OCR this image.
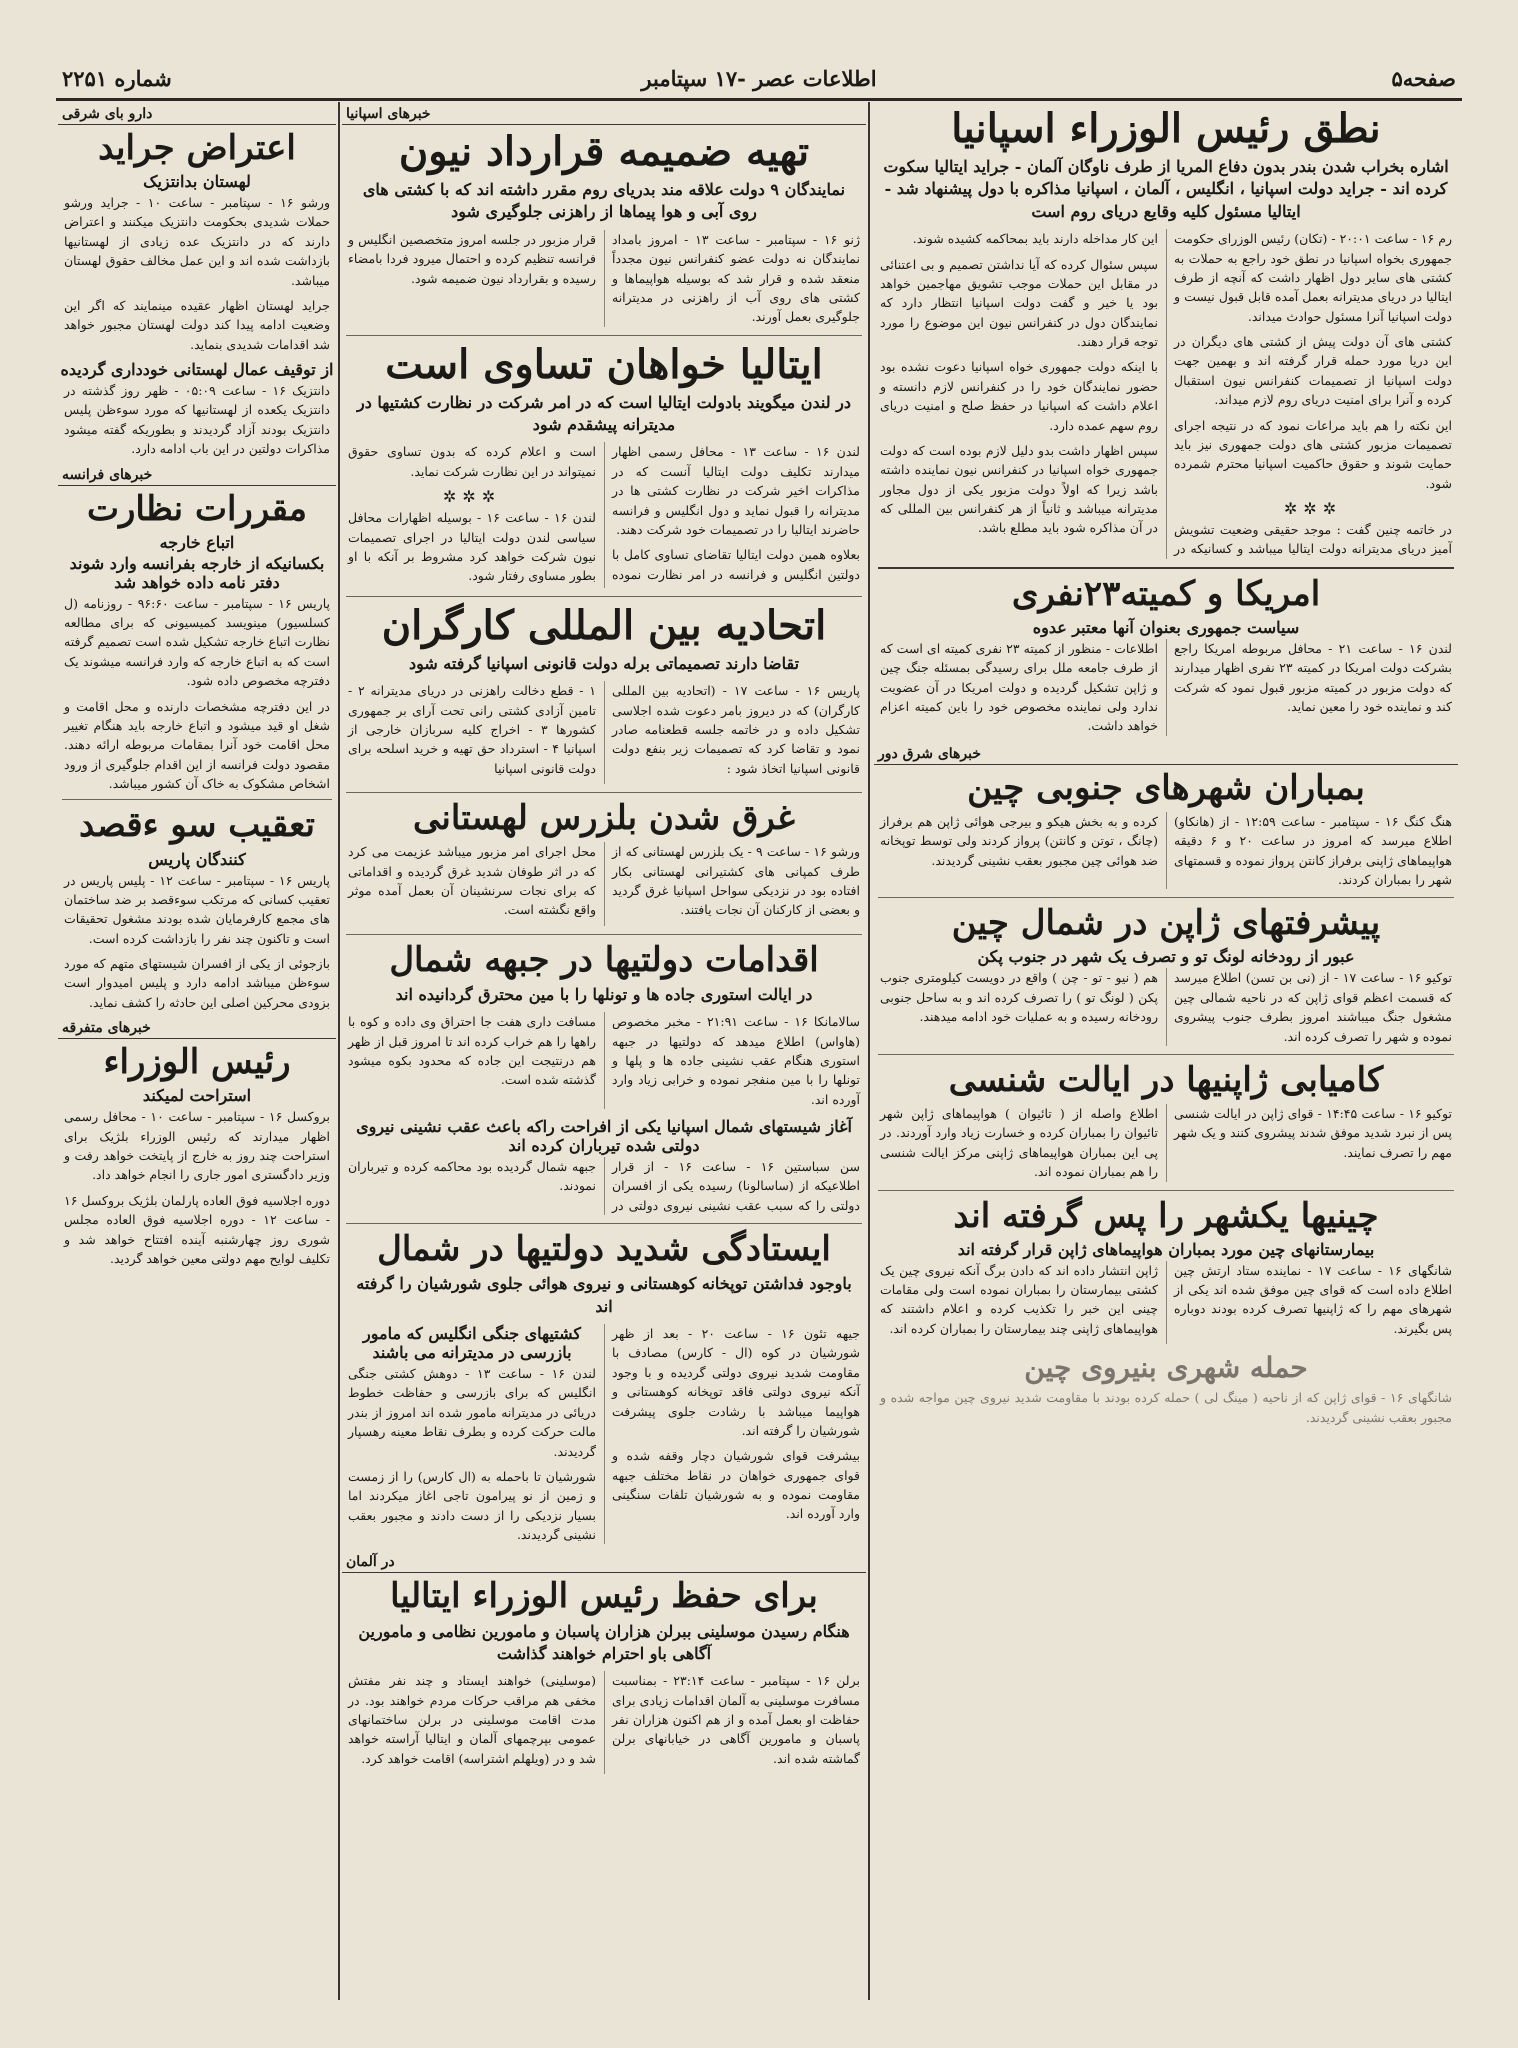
صفحه۵
اطلاعات عصر -۱۷ سپتامبر
شماره ۲۲۵۱
نطق رئیس الوزراء اسپانیا
اشاره بخراب شدن بندر بدون دفاع المریا از طرف ناوگان آلمان - جراید ایتالیا سکوت کرده اند - جراید دولت اسپانیا ، انگلیس ، آلمان ، اسپانیا مذاکره با دول پیشنهاد شد - ایتالیا مسئول کلیه وقایع دریای روم است

رم ۱۶ - ساعت ۲۰:۰۱ - (تکان) رئیس الوزرای حکومت جمهوری بخواه اسپانیا در نطق خود راجع به حملات به کشتی های سایر دول اظهار داشت که آنچه از طرف ایتالیا در دریای مدیترانه بعمل آمده قابل قبول نیست و دولت اسپانیا آنرا مسئول حوادث میداند.

کشتی های آن دولت پیش از کشتی های دیگران در این دریا مورد حمله قرار گرفته اند و بهمین جهت دولت اسپانیا از تصمیمات کنفرانس نیون استقبال کرده و آنرا برای امنیت دریای روم لازم میداند.

این نکته را هم باید مراعات نمود که در نتیجه اجرای تصمیمات مزبور کشتی های دولت جمهوری نیز باید حمایت شوند و حقوق حاکمیت اسپانیا محترم شمرده شود.

✲✲✲

در خاتمه چنین گفت : موجد حقیقی وضعیت تشویش آمیز دریای مدیترانه دولت ایتالیا میباشد و کسانیکه در این کار مداخله دارند باید بمحاکمه کشیده شوند.

سپس سئوال کرده که آیا نداشتن تصمیم و بی اعتنائی در مقابل این حملات موجب تشویق مهاجمین خواهد بود یا خیر و گفت دولت اسپانیا انتظار دارد که نمایندگان دول در کنفرانس نیون این موضوع را مورد توجه قرار دهند.

با اینکه دولت جمهوری خواه اسپانیا دعوت نشده بود حضور نمایندگان خود را در کنفرانس لازم دانسته و اعلام داشت که اسپانیا در حفظ صلح و امنیت دریای روم سهم عمده دارد.

سپس اظهار داشت بدو دلیل لازم بوده است که دولت جمهوری خواه اسپانیا در کنفرانس نیون نماینده داشته باشد زیرا که اولاً دولت مزبور یکی از دول مجاور مدیترانه میباشد و ثانیاً از هر کنفرانس بین المللی که در آن مذاکره شود باید مطلع باشد.

امریکا و کمیته۲۳نفری
سیاست جمهوری بعنوان آنها معتبر عدوه

لندن ۱۶ - ساعت ۲۱ - محافل مربوطه امریکا راجع بشرکت دولت امریکا در کمیته ۲۳ نفری اظهار میدارند که دولت مزبور در کمیته مزبور قبول نمود که شرکت کند و نماینده خود را معین نماید.

اطلاعات - منظور از کمیته ۲۳ نفری کمیته ای است که از طرف جامعه ملل برای رسیدگی بمسئله جنگ چین و ژاپن تشکیل گردیده و دولت امریکا در آن عضویت ندارد ولی نماینده مخصوص خود را باین کمیته اعزام خواهد داشت.

خبرهای شرق دور
بمباران شهرهای جنوبی چین

هنگ کنگ ۱۶ - سپتامبر - ساعت ۱۲:۵۹ - از (هانکاو) اطلاع میرسد که امروز در ساعت ۲۰ و ۶ دقیقه هواپیماهای ژاپنی برفراز کانتن پرواز نموده و قسمتهای شهر را بمباران کردند.

کرده و به بخش هیکو و بیرجی هوائی ژاپن هم برفراز (چانگ ، توتن و کانتن) پرواز کردند ولی توسط توپخانه ضد هوائی چین مجبور بعقب نشینی گردیدند.

پیشرفتهای ژاپن در شمال چین
عبور از رودخانه لونگ تو و تصرف یک شهر در جنوب پکن

توکیو ۱۶ - ساعت ۱۷ - از (نی بن تسن) اطلاع میرسد که قسمت اعظم قوای ژاپن که در ناحیه شمالی چین مشغول جنگ میباشند امروز بطرف جنوب پیشروی نموده و شهر را تصرف کرده اند.

هم ( نیو - تو - چن ) واقع در دویست کیلومتری جنوب پکن ( لونگ تو ) را تصرف کرده اند و به ساحل جنوبی رودخانه رسیده و به عملیات خود ادامه میدهند.

کامیابی ژاپنیها در ایالت شنسی

توکیو ۱۶ - ساعت ۱۴:۴۵ - قوای ژاپن در ایالت شنسی پس از نبرد شدید موفق شدند پیشروی کنند و یک شهر مهم را تصرف نمایند.

اطلاع واصله از ( تائیوان ) هواپیماهای ژاپن شهر تائیوان را بمباران کرده و خسارت زیاد وارد آوردند. در پی این بمباران هواپیماهای ژاپنی مرکز ایالت شنسی را هم بمباران نموده اند.

چینیها یکشهر را پس گرفته اند
بیمارستانهای چین مورد بمباران هواپیماهای ژاپن قرار گرفته اند

شانگهای ۱۶ - ساعت ۱۷ - نماینده ستاد ارتش چین اطلاع داده است که قوای چین موفق شده اند یکی از شهرهای مهم را که ژاپنیها تصرف کرده بودند دوباره پس بگیرند.

ژاپن انتشار داده اند که دادن برگ آنکه نیروی چین یک کشتی بیمارستان را بمباران نموده است ولی مقامات چینی این خبر را تکذیب کرده و اعلام داشتند که هواپیماهای ژاپنی چند بیمارستان را بمباران کرده اند.

حمله شهری بنیروی چین

شانگهای ۱۶ - قوای ژاپن که از ناحیه ( مینگ لی ) حمله کرده بودند با مقاومت شدید نیروی چین مواجه شده و مجبور بعقب نشینی گردیدند.

خبرهای اسپانیا
تهیه ضمیمه قرارداد نیون
نمایندگان ۹ دولت علاقه مند بدریای روم مقرر داشته اند که با کشتی های روی آبی و هوا پیماها از راهزنی جلوگیری شود

ژنو ۱۶ - سپتامبر - ساعت ۱۳ - امروز بامداد نمایندگان نه دولت عضو کنفرانس نیون مجدداً منعقد شده و قرار شد که بوسیله هواپیماها و کشتی های روی آب از راهزنی در مدیترانه جلوگیری بعمل آورند.

قرار مزبور در جلسه امروز متخصصین انگلیس و فرانسه تنظیم کرده و احتمال میرود فردا بامضاء رسیده و بقرارداد نیون ضمیمه شود.

ایتالیا خواهان تساوی است
در لندن میگویند بادولت ایتالیا است که در امر شرکت در نظارت کشتیها در مدیترانه پیشقدم شود

لندن ۱۶ - ساعت ۱۳ - محافل رسمی اظهار میدارند تکلیف دولت ایتالیا آنست که در مذاکرات اخیر شرکت در نظارت کشتی ها در مدیترانه را قبول نماید و دول انگلیس و فرانسه حاضرند ایتالیا را در تصمیمات خود شرکت دهند.

بعلاوه همین دولت ایتالیا تقاضای تساوی کامل با دولتین انگلیس و فرانسه در امر نظارت نموده است و اعلام کرده که بدون تساوی حقوق نمیتواند در این نظارت شرکت نماید.

✲✲✲

لندن ۱۶ - ساعت ۱۶ - بوسیله اظهارات محافل سیاسی لندن دولت ایتالیا در اجرای تصمیمات نیون شرکت خواهد کرد مشروط بر آنکه با او بطور مساوی رفتار شود.

اتحادیه بین المللی کارگران
تقاضا دارند تصمیماتی برله دولت قانونی اسپانیا گرفته شود

پاریس ۱۶ - ساعت ۱۷ - (اتحادیه بین المللی کارگران) که در دیروز بامر دعوت شده اجلاسی تشکیل داده و در خاتمه جلسه قطعنامه صادر نمود و تقاضا کرد که تصمیمات زیر بنفع دولت قانونی اسپانیا اتخاذ شود :

۱ - قطع دخالت راهزنی در دریای مدیترانه ۲ - تامین آزادی کشتی رانی تحت آرای بر جمهوری کشورها ۳ - اخراج کلیه سربازان خارجی از اسپانیا ۴ - استرداد حق تهیه و خرید اسلحه برای دولت قانونی اسپانیا

غرق شدن بلزرس لهستانی

ورشو ۱۶ - ساعت ۹ - یک بلزرس لهستانی که از طرف کمپانی های کشتیرانی لهستانی بکار افتاده بود در نزدیکی سواحل اسپانیا غرق گردید و بعضی از کارکنان آن نجات یافتند.

محل اجرای امر مزبور میباشد عزیمت می کرد که در اثر طوفان شدید غرق گردیده و اقداماتی که برای نجات سرنشینان آن بعمل آمده موثر واقع نگشته است.

اقدامات دولتیها در جبهه شمال
در ایالت استوری جاده ها و تونلها را با مین محترق گردانیده اند

سالامانکا ۱۶ - ساعت ۲۱:۹۱ - مخبر مخصوص (هاواس) اطلاع میدهد که دولتیها در جبهه استوری هنگام عقب نشینی جاده ها و پلها و تونلها را با مین منفجر نموده و خرابی زیاد وارد آورده اند.

مسافت داری هفت جا احتراق وی داده و کوه با راهها را هم خراب کرده اند تا امروز قبل از ظهر هم درنتیجت این جاده که محدود بکوه میشود گذشته شده است.

آغاز شیستهای شمال اسپانیا یکی از افراحت راکه باعث عقب نشینی نیروی دولتی شده تیرباران کرده اند

سن سباستین ۱۶ - ساعت ۱۶ - از قرار اطلاعیکه از (ساسالونا) رسیده یکی از افسران دولتی را که سبب عقب نشینی نیروی دولتی در جبهه شمال گردیده بود محاکمه کرده و تیرباران نمودند.

ایستادگی شدید دولتیها در شمال
باوجود فداشتن توپخانه کوهستانی و نیروی هوائی جلوی شورشیان را گرفته اند

جیهه تئون ۱۶ - ساعت ۲۰ - بعد از ظهر شورشیان در کوه (ال - کارس) مصادف با مقاومت شدید نیروی دولتی گردیده و با وجود آنکه نیروی دولتی فاقد توپخانه کوهستانی و هواپیما میباشد با رشادت جلوی پیشرفت شورشیان را گرفته اند.

بیشرفت قوای شورشیان دچار وقفه شده و قوای جمهوری خواهان در نقاط مختلف جبهه مقاومت نموده و به شورشیان تلفات سنگینی وارد آورده اند.

کشتیهای جنگی انگلیس که مامور بازرسی در مدیترانه می باشند

لندن ۱۶ - ساعت ۱۳ - دوهش کشتی جنگی انگلیس که برای بازرسی و حفاظت خطوط دریائی در مدیترانه مامور شده اند امروز از بندر مالت حرکت کرده و بطرف نقاط معینه رهسپار گردیدند.

شورشیان تا باحمله به (ال کارس) را از زمست و زمین از نو پیرامون تاجی اغاز میکردند اما بسیار نزدیکی را از دست دادند و مجبور بعقب نشینی گردیدند.

در آلمان
برای حفظ رئیس الوزراء ایتالیا
هنگام رسیدن موسلینی ببرلن هزاران پاسبان و مامورین نظامی و مامورین آگاهی باو احترام خواهند گذاشت

برلن ۱۶ - سپتامبر - ساعت ۲۳:۱۴ - بمناسبت مسافرت موسلینی به آلمان اقدامات زیادی برای حفاظت او بعمل آمده و از هم اکنون هزاران نفر پاسبان و مامورین آگاهی در خیابانهای برلن گماشته شده اند.

(موسلینی) خواهند ایستاد و چند نفر مفتش مخفی هم مراقب حرکات مردم خواهند بود. در مدت اقامت موسلینی در برلن ساختمانهای عمومی بپرچمهای آلمان و ایتالیا آراسته خواهد شد و در (ویلهلم اشتراسه) اقامت خواهد کرد.

دارو بای شرقی
اعتراض جراید
لهستان بدانتزیک

ورشو ۱۶ - سپتامبر - ساعت ۱۰ - جراید ورشو حملات شدیدی بحکومت دانتزیک میکنند و اعتراض دارند که در دانتزیک عده زیادی از لهستانیها بازداشت شده اند و این عمل مخالف حقوق لهستان میباشد.

جراید لهستان اظهار عقیده مینمایند که اگر این وضعیت ادامه پیدا کند دولت لهستان مجبور خواهد شد اقدامات شدیدی بنماید.

از توقیف عمال لهستانی خودداری گردیده

دانتزیک ۱۶ - ساعت ۰۵:۰۹ - ظهر روز گذشته در دانتزیک یکعده از لهستانیها که مورد سوءظن پلیس دانتزیک بودند آزاد گردیدند و بطوریکه گفته میشود مذاکرات دولتین در این باب ادامه دارد.

خبرهای فرانسه
مقررات نظارت
اتباع خارجه
بکسانیکه از خارجه بفرانسه وارد شوند دفتر نامه داده خواهد شد

پاریس ۱۶ - سپتامبر - ساعت ۹۶:۶۰ - روزنامه (ل کسلسیور) مینویسد کمیسیونی که برای مطالعه نظارت اتباع خارجه تشکیل شده است تصمیم گرفته است که به اتباع خارجه که وارد فرانسه میشوند یک دفترچه مخصوص داده شود.

در این دفترچه مشخصات دارنده و محل اقامت و شغل او قید میشود و اتباع خارجه باید هنگام تغییر محل اقامت خود آنرا بمقامات مربوطه ارائه دهند. مقصود دولت فرانسه از این اقدام جلوگیری از ورود اشخاص مشکوک به خاک آن کشور میباشد.

تعقیب سو ءقصد
کنندگان پاریس

پاریس ۱۶ - سپتامبر - ساعت ۱۲ - پلیس پاریس در تعقیب کسانی که مرتکب سوءقصد بر ضد ساختمان های مجمع کارفرمایان شده بودند مشغول تحقیقات است و تاکنون چند نفر را بازداشت کرده است.

بازجوئی از یکی از افسران شیستهای متهم که مورد سوءظن میباشد ادامه دارد و پلیس امیدوار است بزودی محرکین اصلی این حادثه را کشف نماید.

خبرهای متفرقه
رئیس الوزراء
استراحت لمیکند

بروکسل ۱۶ - سپتامبر - ساعت ۱۰ - محافل رسمی اظهار میدارند که رئیس الوزراء بلژیک برای استراحت چند روز به خارج از پایتخت خواهد رفت و وزیر دادگستری امور جاری را انجام خواهد داد.

دوره اجلاسیه فوق العاده پارلمان بلژیک بروکسل ۱۶ - ساعت ۱۲ - دوره اجلاسیه فوق العاده مجلس شوری روز چهارشنبه آینده افتتاح خواهد شد و تکلیف لوایح مهم دولتی معین خواهد گردید.
